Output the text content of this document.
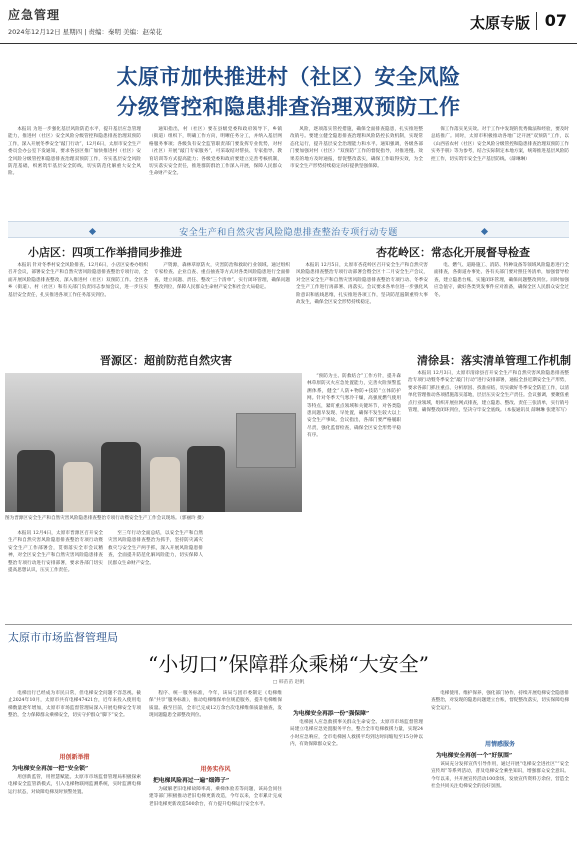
应急管理
2024年12月12日 星期四 | 责编：秦明 美编：赵荣花	太原专版 07
太原市加快推进村（社区）安全风险
分级管控和隐患排查治理双预防工作

本报讯 为进一步强化基层风险防范水平，提升基层应急管理能力，推进村（社区）安全风险分级管控和隐患排查治理双预防工作，深入开展冬季安全“敲门行动”，12月6日，太原市安全生产委员会办公室下发通知，要求各县区推广加快推进村（社区）安全风险分级管控和隐患排查治理双预防工作，夯实基层安全风险防范基础，织密筑牢基层安全防线，切实防范化解重大安全风险。

通知指出，村（社区）要在县级党委和政府领导下，乡镇（街道）组织下，明确工作方向，明晰任务分工，并纳入基层网格服务事项；各级负有安全监管职责部门要发挥专业优势，对村（社区）开展“敲门专家服务”，可采取结对帮扶、专家指导、教育培训等方式提高能力；各级党委和政府要建立完善考核机制，切实落实安全责任，推进群防群治工作深入开展，保障人民群众生命财产安全。

风险，逐项落实管控措施，确保全面排查隐患，扎实推进整改销号。要建立健全隐患排查治理和风险防控长效机制，实现常态化运行，提升基层安全治理能力和水平。通知强调，各级各部门要加强对村（社区）“双预防”工作的督促指导，对推进慢、效果差的地方及时通报，督促整改落实，确保工作取得实效，为全市安全生产形势持续稳定向好提供坚强保障。

保工作落实见实效。对于工作中发现的优秀做法和经验，要及时总结推广。同时，太原市积极推动各地广泛开展“双预防”工作，以《山西省农村（社区）安全风险分级管控和隐患排查治理双预防工作实务手册》等为参考，结合实际制定本地方案，统筹推进基层风险防控工作，切实筑牢安全生产基层防线。（薛琳琳）

安全生产和自然灾害风险隐患排查整治专项行动专题
小店区：四项工作举措同步推进

本报讯 针对冬季村安全风险排查，12月6日，小店区安委办组织召开会议，部署安全生产和自然灾害风险隐患排查整治专项行动，全面开展风险隐患排查整改，深入推进村（社区）双预防工作。全区各乡（街道）、村（社区）和有关部门负责同志参加会议，进一步压实基层安全责任，扎实推进各项工作任务落实到位。

产资源，森林草原防火，灾害防治和救助行业领域。通过组织专家检查、企业自查、重点抽查等方式对各类风险隐患进行全面排查，建立问题、责任、整改“三个清单”，实行闭环管理，确保问题整改到位，保障人民群众生命财产安全和社会大局稳定。

杏花岭区：常态化开展督导检查

本报讯 12月5日，太原市杏花岭区召开安全生产和自然灾害风险隐患排查整治专项行动部署会暨全区十二月安全生产会议，对全区安全生产和自然灾害风险隐患排查整治专项行动、冬季安全生产工作进行再部署、再落实。会议要求各单位进一步强化风险意识和底线思维，扎实推进各项工作，坚决防范遏制重特大事故发生，确保全区安全形势持续稳定。

电、燃气、道路施工、消防、特种设备等领域风险隐患进行全面排查，各街道办事处、各有关部门要对照任务清单，加强督导检查，建立隐患台账，实施闭环管理，确保问题整改到位。同时加强应急值守，做好各类突发事件应对准备，确保全区人民群众安全过冬。

晋源区：超前防范自然灾害
图为晋源区安全生产和自然灾害风险隐患排查整治专项行动暨安全生产工作会议现场。（郭丽玲 摄）

本报讯 12月4日，太原市晋源区召开安全生产和自然灾害风险隐患排查整治专项行动暨安全生产工作部署会，贯彻落实全市会议精神，对全区安全生产和自然灾害风险隐患排查整治专项行动进行安排部署，要求各部门切实提高思想认识，压实工作责任。

至三年行动全面总结，以安全生产和自然灾害风险隐患排查整治为抓手，坚持防灾减灾救灾与安全生产两手抓，深入开展风险隐患排查，全面提升防范化解风险能力，切实保障人民群众生命财产安全。

“预防为主、防救结合”工作方针，提升森林草原防灭火应急处置能力，完善火险预警监测体系，健全“人防+物防+技防”立体防护网。针对冬季天气寒冷干燥，高强度燃气使用等特点，紧盯重点领域和关键环节，对各类隐患问题早发现、早处置，确保不发生较大以上安全生产事故。会议指出，各部门要严格履职尽责，强化监督检查，确保全区安全形势平稳有序。

清徐县：落实清单管理工作机制

本报讯 12月3日，太原市清徐县召开安全生产和自然灾害风险隐患排查整治专项行动暨冬季安全“敲门行动”进行安排部署，通报全县近期安全生产形势，要求各部门抓住重点、分析原因、找准症结，切实做好冬季安全防范工作，以清单化管理推动各项措施落实落地，层层压实安全生产责任。会议强调，要聚焦重点行业领域，组织开展拉网式排查，建立隐患、整改、责任三张清单，实行销号管理，确保整改闭环到位，坚决守牢安全底线。（本报通讯员 薛琳琳 张建军写）

太原市市场监督管理局
“小切口”保障群众乘梯“大安全”
□ 韩苗苗 赵帆

电梯出行已经成为市民日常，但电梯安全问题不容忽视。截止2024年10月，太原市共有电梯47421台，近年来投入使用电梯数量逐年增加，太原市市场监督管理局深入开展电梯安全专项整治，全力保障群众乘梯安全，切实守护群众“脚下”安全。

用创新举措
为电梯安全再加一把“安全锁”

用创新监管，用智慧赋能。太原市市场监督管理局积极探索电梯安全监管新模式，引入电梯物联网监测系统，实时监测电梯运行状态，对故障电梯及时预警处置。

程序、统一服务标准，今年，该局与团市委制定《电梯维保“共享”服务标准》，推动电梯维保单位规范服务，提升电梯维保质量。截至目前，全市已完成12万余台次电梯维保质量抽查，发现问题隐患全部整改到位。

用务实作风
把电梯风险再过一遍“细筛子”

为破解老旧电梯故障率高、乘梯体验差等问题，该局会同住建等部门积极推动老旧电梯更新改造，今年以来，全市累计完成老旧电梯更新改造500余台，有力提升电梯运行安全水平。

为电梯安全再添一份“强保障”

电梯困人应急救援事关群众生命安全。太原市市场监督管理局建立电梯应急处置服务平台，整合全市电梯救援力量，实现24小时应急响应，全市电梯困人救援平均到达时间缩短至15分钟以内，有效保障群众安全。

电梯使用、维护保养，强化部门协作，持续开展电梯安全隐患排查整治，对发现的隐患问题建立台账，督促整改落实，切实保障电梯安全运行。

用情感服务
为电梯安全再创一个“好氛围”

该局充分发挥宣传引导作用，通过开展“电梯安全进社区”“安全宣传周”等系列活动，普及电梯安全乘坐知识，增强群众安全意识。今年以来，共开展宣传活动100余场，发放宣传资料万余份，营造全社会共同关注电梯安全的良好氛围。
